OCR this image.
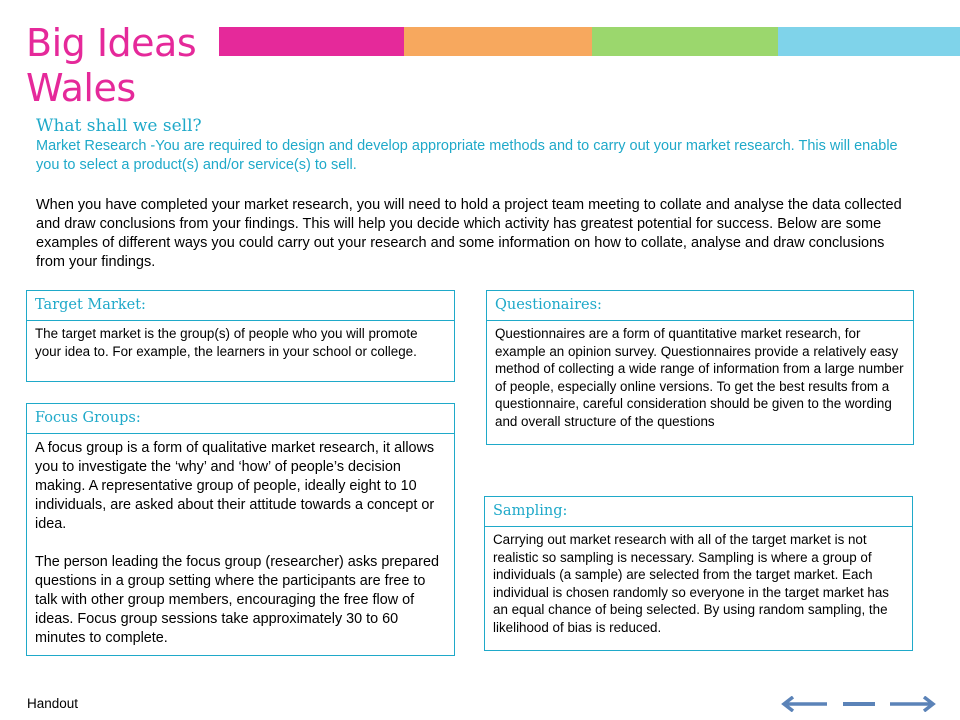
Big Ideas
Wales
What shall we sell?
Market Research -You are required to design and develop appropriate methods and to carry out your market research. This will enable you to select a product(s) and/or service(s) to sell.
When you have completed your market research, you will need to hold a project team meeting to collate and analyse the data collected and draw conclusions from your findings. This will help you decide which activity has greatest potential for success. Below are some examples of different ways you could carry out your research and some information on how to collate, analyse and draw conclusions from your findings.
Target Market:
The target market is the group(s) of people who you will promote your idea to. For example, the learners in your school or college.
Questionaires:
Questionnaires are a form of quantitative market research, for example an opinion survey. Questionnaires provide a relatively easy method of collecting a wide range of information from a large number of people, especially online versions. To get the best results from a questionnaire, careful consideration should be given to the wording and overall structure of the questions
Focus Groups:

A focus group is a form of qualitative market research, it allows you to investigate the ‘why’ and ‘how’ of people’s decision making. A representative group of people, ideally eight to 10 individuals, are asked about their attitude towards a concept or idea.

The person leading the focus group (researcher) asks prepared questions in a group setting where the participants are free to talk with other group members, encouraging the free flow of ideas. Focus group sessions take approximately 30 to 60 minutes to complete.

Sampling:
Carrying out market research with all of the target market is not realistic so sampling is necessary. Sampling is where a group of individuals (a sample) are selected from the target market. Each individual is chosen randomly so everyone in the target market has an equal chance of being selected. By using random sampling, the likelihood of bias is reduced.
Handout
